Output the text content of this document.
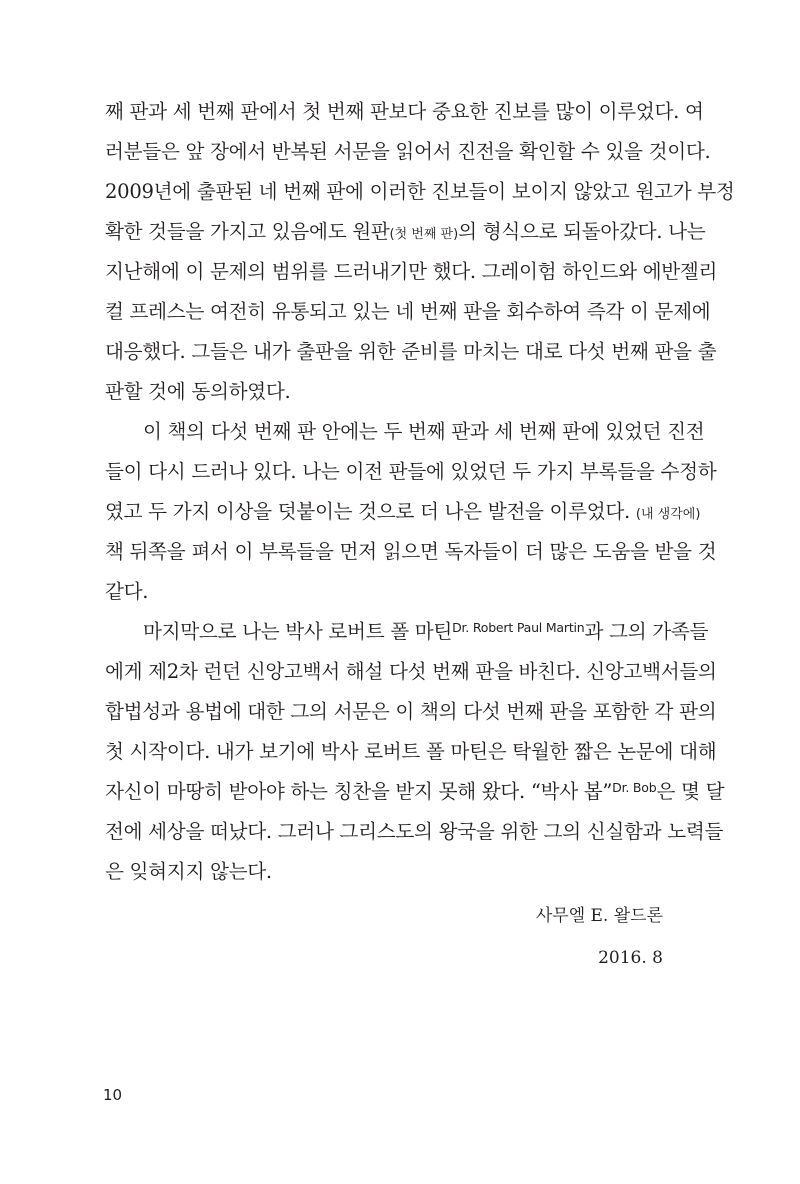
째 판과 세 번째 판에서 첫 번째 판보다 중요한 진보를 많이 이루었다. 여
러분들은 앞 장에서 반복된 서문을 읽어서 진전을 확인할 수 있을 것이다.
2009년에 출판된 네 번째 판에 이러한 진보들이 보이지 않았고 원고가 부정
확한 것들을 가지고 있음에도 원판(첫 번째 판)의 형식으로 되돌아갔다. 나는
지난해에 이 문제의 범위를 드러내기만 했다. 그레이험 하인드와 에반젤리
컬 프레스는 여전히 유통되고 있는 네 번째 판을 회수하여 즉각 이 문제에
대응했다. 그들은 내가 출판을 위한 준비를 마치는 대로 다섯 번째 판을 출
판할 것에 동의하였다.
이 책의 다섯 번째 판 안에는 두 번째 판과 세 번째 판에 있었던 진전
들이 다시 드러나 있다. 나는 이전 판들에 있었던 두 가지 부록들을 수정하
였고 두 가지 이상을 덧붙이는 것으로 더 나은 발전을 이루었다. (내 생각에)
책 뒤쪽을 펴서 이 부록들을 먼저 읽으면 독자들이 더 많은 도움을 받을 것
같다.
마지막으로 나는 박사 로버트 폴 마틴$^{Dr. Robert Paul Martin}$과 그의 가족들
에게 제2차 런던 신앙고백서 해설 다섯 번째 판을 바친다. 신앙고백서들의
합법성과 용법에 대한 그의 서문은 이 책의 다섯 번째 판을 포함한 각 판의
첫 시작이다. 내가 보기에 박사 로버트 폴 마틴은 탁월한 짧은 논문에 대해
자신이 마땅히 받아야 하는 칭찬을 받지 못해 왔다. “박사 봅”$^{Dr. Bob}$은 몇 달
전에 세상을 떠났다. 그러나 그리스도의 왕국을 위한 그의 신실함과 노력들
은 잊혀지지 않는다.
사무엘 E. 왈드론
2016. 8
10
